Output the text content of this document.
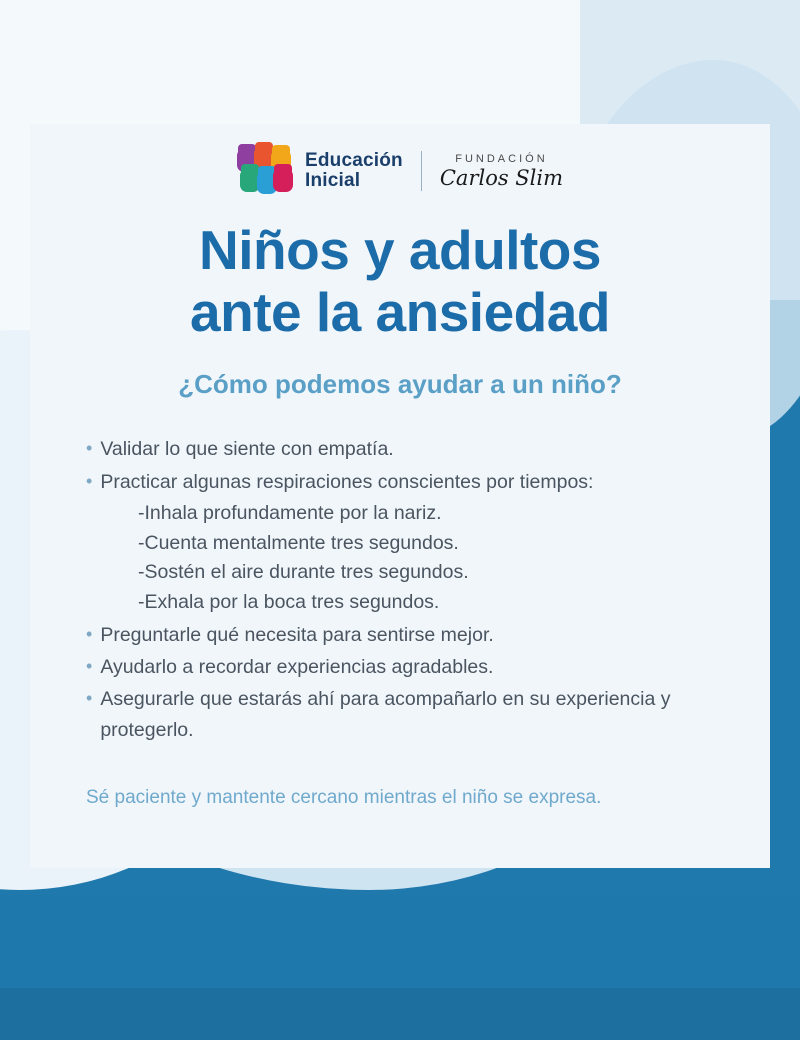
Educación
Inicial
FUNDACIÓN
Carlos Slim
Niños y adultos
ante la ansiedad
¿Cómo podemos ayudar a un niño?
• Validar lo que siente con empatía.
• Practicar algunas respiraciones conscientes por tiempos:
-Inhala profundamente por la nariz.
-Cuenta mentalmente tres segundos.
-Sostén el aire durante tres segundos.
-Exhala por la boca tres segundos.
• Preguntarle qué necesita para sentirse mejor.
• Ayudarlo a recordar experiencias agradables.
• Asegurarle que estarás ahí para acompañarlo en su experiencia y protegerlo.
Sé paciente y mantente cercano mientras el niño se expresa.
